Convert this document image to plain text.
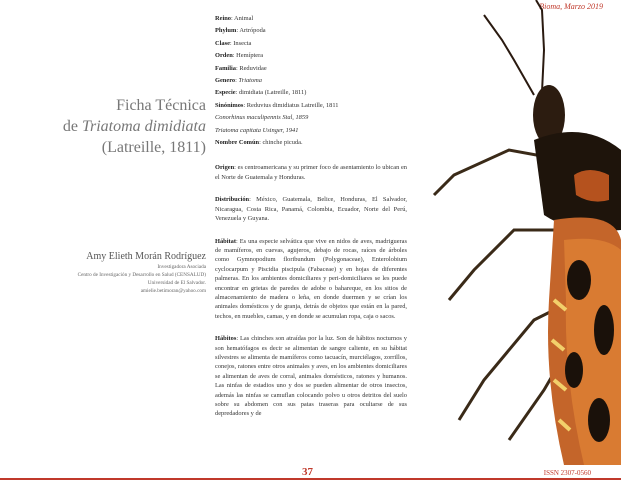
Bioma, Marzo 2019
Ficha Técnica
de Triatoma dimidiata
(Latreille, 1811)
Amy Elieth Morán Rodríguez
Investigadora Asociada
Centro de Investigación y Desarrollo en Salud (CENSALUD)
Universidad de El Salvador.
amielie.betimoran@yahoo.com

Reino: Animal

Phylum: Artrópoda

Clase: Insecta

Orden: Hemíptera

Familia: Reduvidae

Genero: Triatoma

Especie: dimidiata (Latreille, 1811)

Sinónimos: Reduvius dimidiatus Latreille, 1811

Conorhinus maculipennis Stal, 1859

Triatoma capitata Usinger, 1941

Nombre Común: chinche picuda.

Origen: es centroamericana y su primer foco de asentamiento lo ubican en el Norte de Guatemala y Honduras.

Distribución: México, Guatemala, Belice, Honduras, El Salvador, Nicaragua, Costa Rica, Panamá, Colombia, Ecuador, Norte del Perú, Venezuela y Guyana.

Hábitat: Es una especie selvática que vive en nidos de aves, madrigueras de mamíferos, en cuevas, agujeros, debajo de rocas, raíces de árboles como Gymnopodium floribundum (Polygonaceae), Enterolobium cyclocarpum y Piscidia piscipula (Fabaceae) y en hojas de diferentes palmeras. En los ambientes domiciliares y peri-domiciliares se les puede encontrar en grietas de paredes de adobe o bahareque, en los sitios de almacenamiento de madera o leña, en donde duermen y se crían los animales domésticos y de granja, detrás de objetos que están en la pared, techos, en muebles, camas, y en donde se acumulan ropa, caja o sacos.

Hábitos: Las chinches son atraídas por la luz. Son de hábitos nocturnos y son hematófagos es decir se alimentan de sangre caliente, en su hábitat silvestres se alimenta de mamíferos como tacuacín, murciélagos, zorrillos, conejos, ratones entre otros animales y aves, en los ambientes domiciliares se alimentan de aves de corral, animales domésticos, ratones y humanos. Las ninfas de estadios uno y dos se pueden alimentar de otros insectos, además las ninfas se camuflan colocando polvo u otros detritos del suelo sobre su abdomen con sus patas traseras para ocultarse de sus depredadores y de

37	ISSN 2307-0560
